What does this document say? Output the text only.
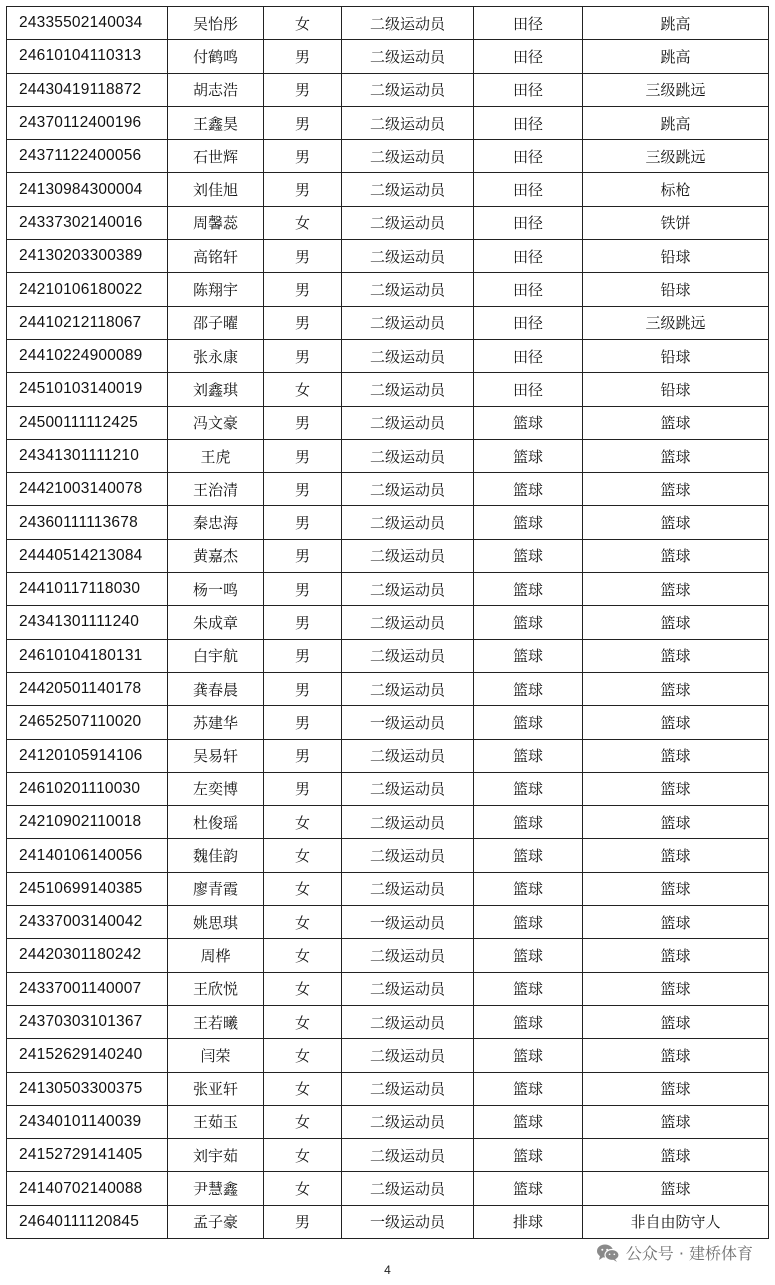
24335502140034	吴怡彤	女	二级运动员	田径	跳高
24610104110313	付鹤鸣	男	二级运动员	田径	跳高
24430419118872	胡志浩	男	二级运动员	田径	三级跳远
24370112400196	王鑫昊	男	二级运动员	田径	跳高
24371122400056	石世辉	男	二级运动员	田径	三级跳远
24130984300004	刘佳旭	男	二级运动员	田径	标枪
24337302140016	周馨蕊	女	二级运动员	田径	铁饼
24130203300389	高铭轩	男	二级运动员	田径	铅球
24210106180022	陈翔宇	男	二级运动员	田径	铅球
24410212118067	邵子曜	男	二级运动员	田径	三级跳远
24410224900089	张永康	男	二级运动员	田径	铅球
24510103140019	刘鑫琪	女	二级运动员	田径	铅球
24500111112425	冯文豪	男	二级运动员	篮球	篮球
24341301111210	王虎	男	二级运动员	篮球	篮球
24421003140078	王治清	男	二级运动员	篮球	篮球
24360111113678	秦忠海	男	二级运动员	篮球	篮球
24440514213084	黄嘉杰	男	二级运动员	篮球	篮球
24410117118030	杨一鸣	男	二级运动员	篮球	篮球
24341301111240	朱成章	男	二级运动员	篮球	篮球
24610104180131	白宇航	男	二级运动员	篮球	篮球
24420501140178	龚春晨	男	二级运动员	篮球	篮球
24652507110020	苏建华	男	一级运动员	篮球	篮球
24120105914106	吴易轩	男	二级运动员	篮球	篮球
24610201110030	左奕博	男	二级运动员	篮球	篮球
24210902110018	杜俊瑶	女	二级运动员	篮球	篮球
24140106140056	魏佳韵	女	二级运动员	篮球	篮球
24510699140385	廖青霞	女	二级运动员	篮球	篮球
24337003140042	姚思琪	女	一级运动员	篮球	篮球
24420301180242	周桦	女	二级运动员	篮球	篮球
24337001140007	王欣悦	女	二级运动员	篮球	篮球
24370303101367	王若曦	女	二级运动员	篮球	篮球
24152629140240	闫荣	女	二级运动员	篮球	篮球
24130503300375	张亚轩	女	二级运动员	篮球	篮球
24340101140039	王茹玉	女	二级运动员	篮球	篮球
24152729141405	刘宇茹	女	二级运动员	篮球	篮球
24140702140088	尹慧鑫	女	二级运动员	篮球	篮球
24640111120845	孟子豪	男	一级运动员	排球	非自由防守人
公众号 · 建桥体育
4
